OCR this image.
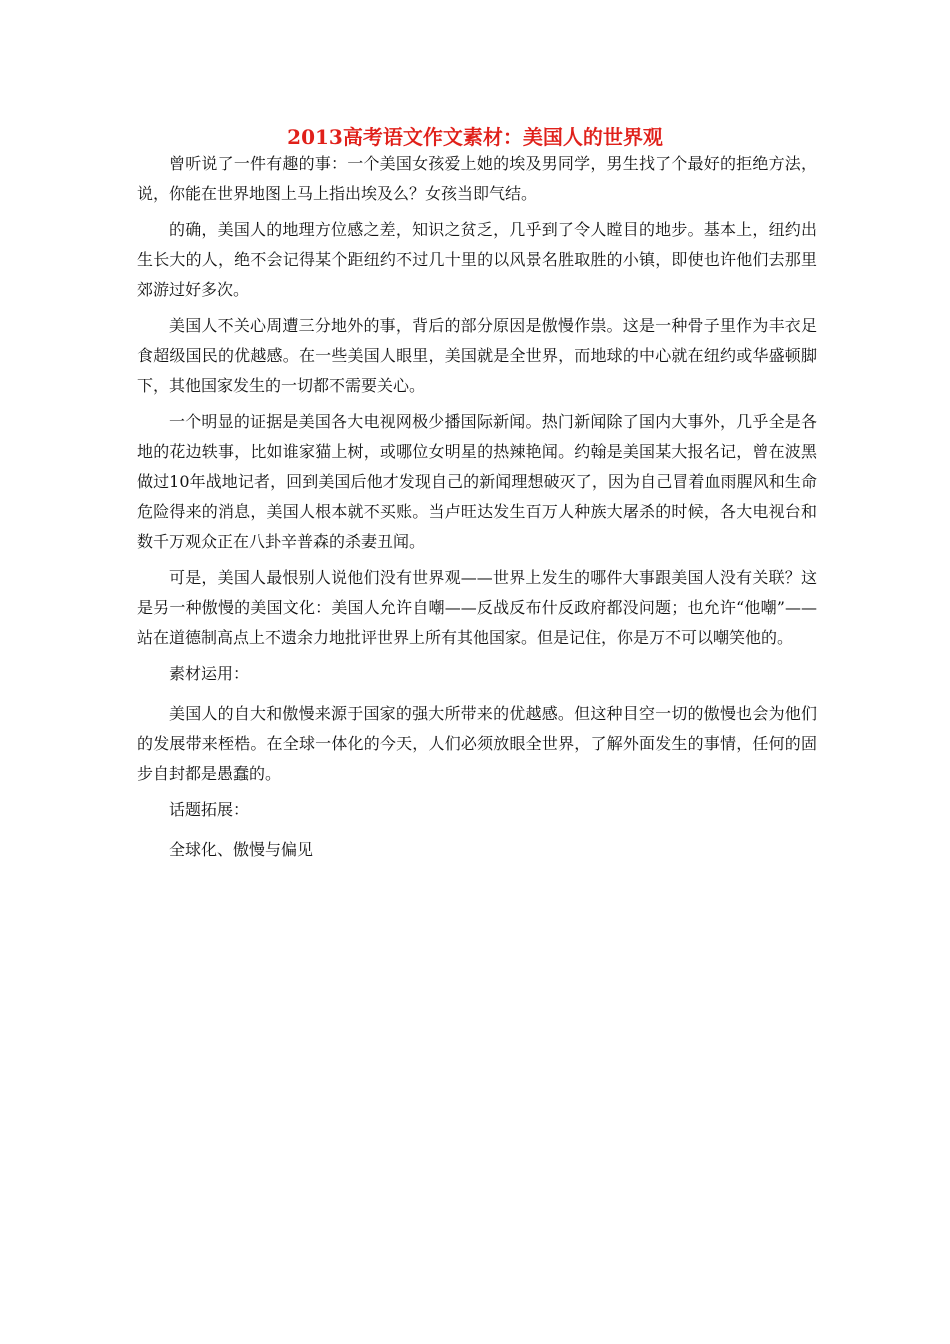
2013高考语文作文素材：美国人的世界观

曾听说了一件有趣的事：一个美国女孩爱上她的埃及男同学，男生找了个最好的拒绝方法，说，你能在世界地图上马上指出埃及么？女孩当即气结。

的确，美国人的地理方位感之差，知识之贫乏，几乎到了令人瞠目的地步。基本上，纽约出生长大的人，绝不会记得某个距纽约不过几十里的以风景名胜取胜的小镇，即使也许他们去那里郊游过好多次。

美国人不关心周遭三分地外的事，背后的部分原因是傲慢作祟。这是一种骨子里作为丰衣足食超级国民的优越感。在一些美国人眼里，美国就是全世界，而地球的中心就在纽约或华盛顿脚下，其他国家发生的一切都不需要关心。

一个明显的证据是美国各大电视网极少播国际新闻。热门新闻除了国内大事外，几乎全是各地的花边轶事，比如谁家猫上树，或哪位女明星的热辣艳闻。约翰是美国某大报名记，曾在波黑做过10年战地记者，回到美国后他才发现自己的新闻理想破灭了，因为自己冒着血雨腥风和生命危险得来的消息，美国人根本就不买账。当卢旺达发生百万人种族大屠杀的时候，各大电视台和数千万观众正在八卦辛普森的杀妻丑闻。

可是，美国人最恨别人说他们没有世界观——世界上发生的哪件大事跟美国人没有关联？这是另一种傲慢的美国文化：美国人允许自嘲——反战反布什反政府都没问题；也允许“他嘲”——站在道德制高点上不遗余力地批评世界上所有其他国家。但是记住，你是万不可以嘲笑他的。

素材运用：

美国人的自大和傲慢来源于国家的强大所带来的优越感。但这种目空一切的傲慢也会为他们的发展带来桎梏。在全球一体化的今天，人们必须放眼全世界，了解外面发生的事情，任何的固步自封都是愚蠢的。

话题拓展：

全球化、傲慢与偏见
